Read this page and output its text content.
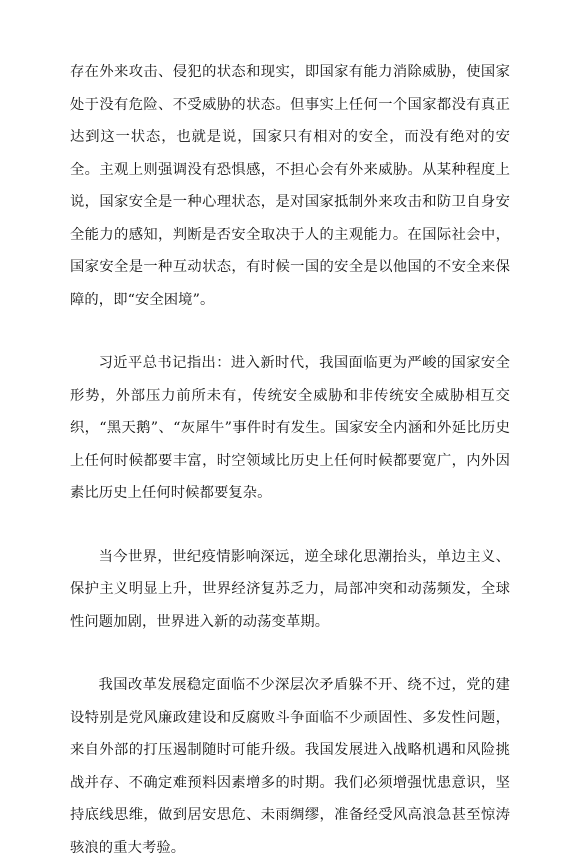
存在外来攻击、侵犯的状态和现实，即国家有能力消除威胁，使国家处于没有危险、不受威胁的状态。但事实上任何一个国家都没有真正达到这一状态，也就是说，国家只有相对的安全，而没有绝对的安全。主观上则强调没有恐惧感，不担心会有外来威胁。从某种程度上说，国家安全是一种心理状态，是对国家抵制外来攻击和防卫自身安全能力的感知，判断是否安全取决于人的主观能力。在国际社会中，国家安全是一种互动状态，有时候一国的安全是以他国的不安全来保障的，即“安全困境”。

习近平总书记指出：进入新时代，我国面临更为严峻的国家安全形势，外部压力前所未有，传统安全威胁和非传统安全威胁相互交织，“黑天鹅”、“灰犀牛”事件时有发生。国家安全内涵和外延比历史上任何时候都要丰富，时空领域比历史上任何时候都要宽广，内外因素比历史上任何时候都要复杂。

当今世界，世纪疫情影响深远，逆全球化思潮抬头，单边主义、保护主义明显上升，世界经济复苏乏力，局部冲突和动荡频发，全球性问题加剧，世界进入新的动荡变革期。

我国改革发展稳定面临不少深层次矛盾躲不开、绕不过，党的建设特别是党风廉政建设和反腐败斗争面临不少顽固性、多发性问题，来自外部的打压遏制随时可能升级。我国发展进入战略机遇和风险挑战并存、不确定难预料因素增多的时期。我们必须增强忧患意识，坚持底线思维，做到居安思危、未雨绸缪，准备经受风高浪急甚至惊涛骇浪的重大考验。
